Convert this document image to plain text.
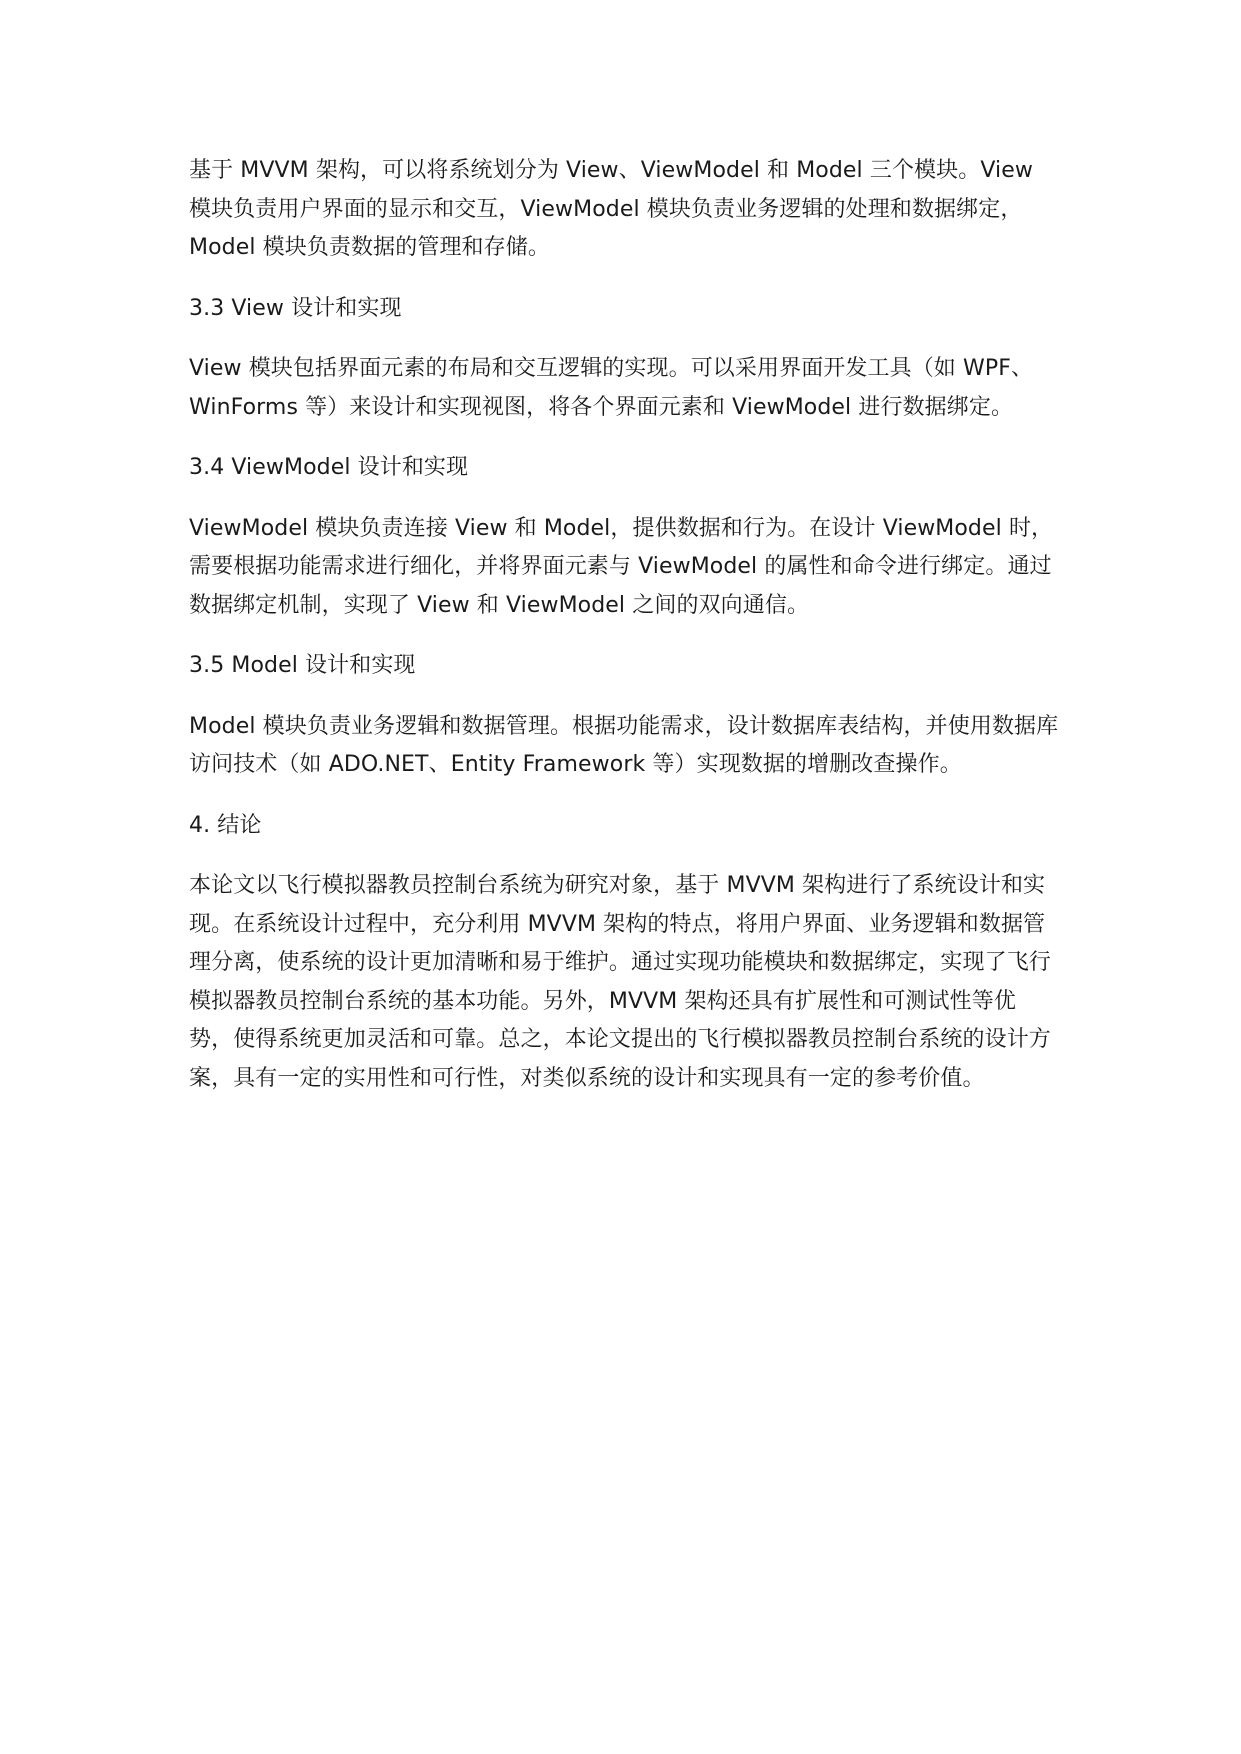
基于 MVVM 架构，可以将系统划分为 View、ViewModel 和 Model 三个模块。View 模块负责用户界面的显示和交互，ViewModel 模块负责业务逻辑的处理和数据绑定，Model 模块负责数据的管理和存储。

3.3 View 设计和实现

View 模块包括界面元素的布局和交互逻辑的实现。可以采用界面开发工具（如 WPF、WinForms 等）来设计和实现视图，将各个界面元素和 ViewModel 进行数据绑定。

3.4 ViewModel 设计和实现

ViewModel 模块负责连接 View 和 Model，提供数据和行为。在设计 ViewModel 时，需要根据功能需求进行细化，并将界面元素与 ViewModel 的属性和命令进行绑定。通过数据绑定机制，实现了 View 和 ViewModel 之间的双向通信。

3.5 Model 设计和实现

Model 模块负责业务逻辑和数据管理。根据功能需求，设计数据库表结构，并使用数据库访问技术（如 ADO.NET、Entity Framework 等）实现数据的增删改查操作。

4. 结论

本论文以飞行模拟器教员控制台系统为研究对象，基于 MVVM 架构进行了系统设计和实现。在系统设计过程中，充分利用 MVVM 架构的特点，将用户界面、业务逻辑和数据管理分离，使系统的设计更加清晰和易于维护。通过实现功能模块和数据绑定，实现了飞行模拟器教员控制台系统的基本功能。另外，MVVM 架构还具有扩展性和可测试性等优势，使得系统更加灵活和可靠。总之，本论文提出的飞行模拟器教员控制台系统的设计方案，具有一定的实用性和可行性，对类似系统的设计和实现具有一定的参考价值。
